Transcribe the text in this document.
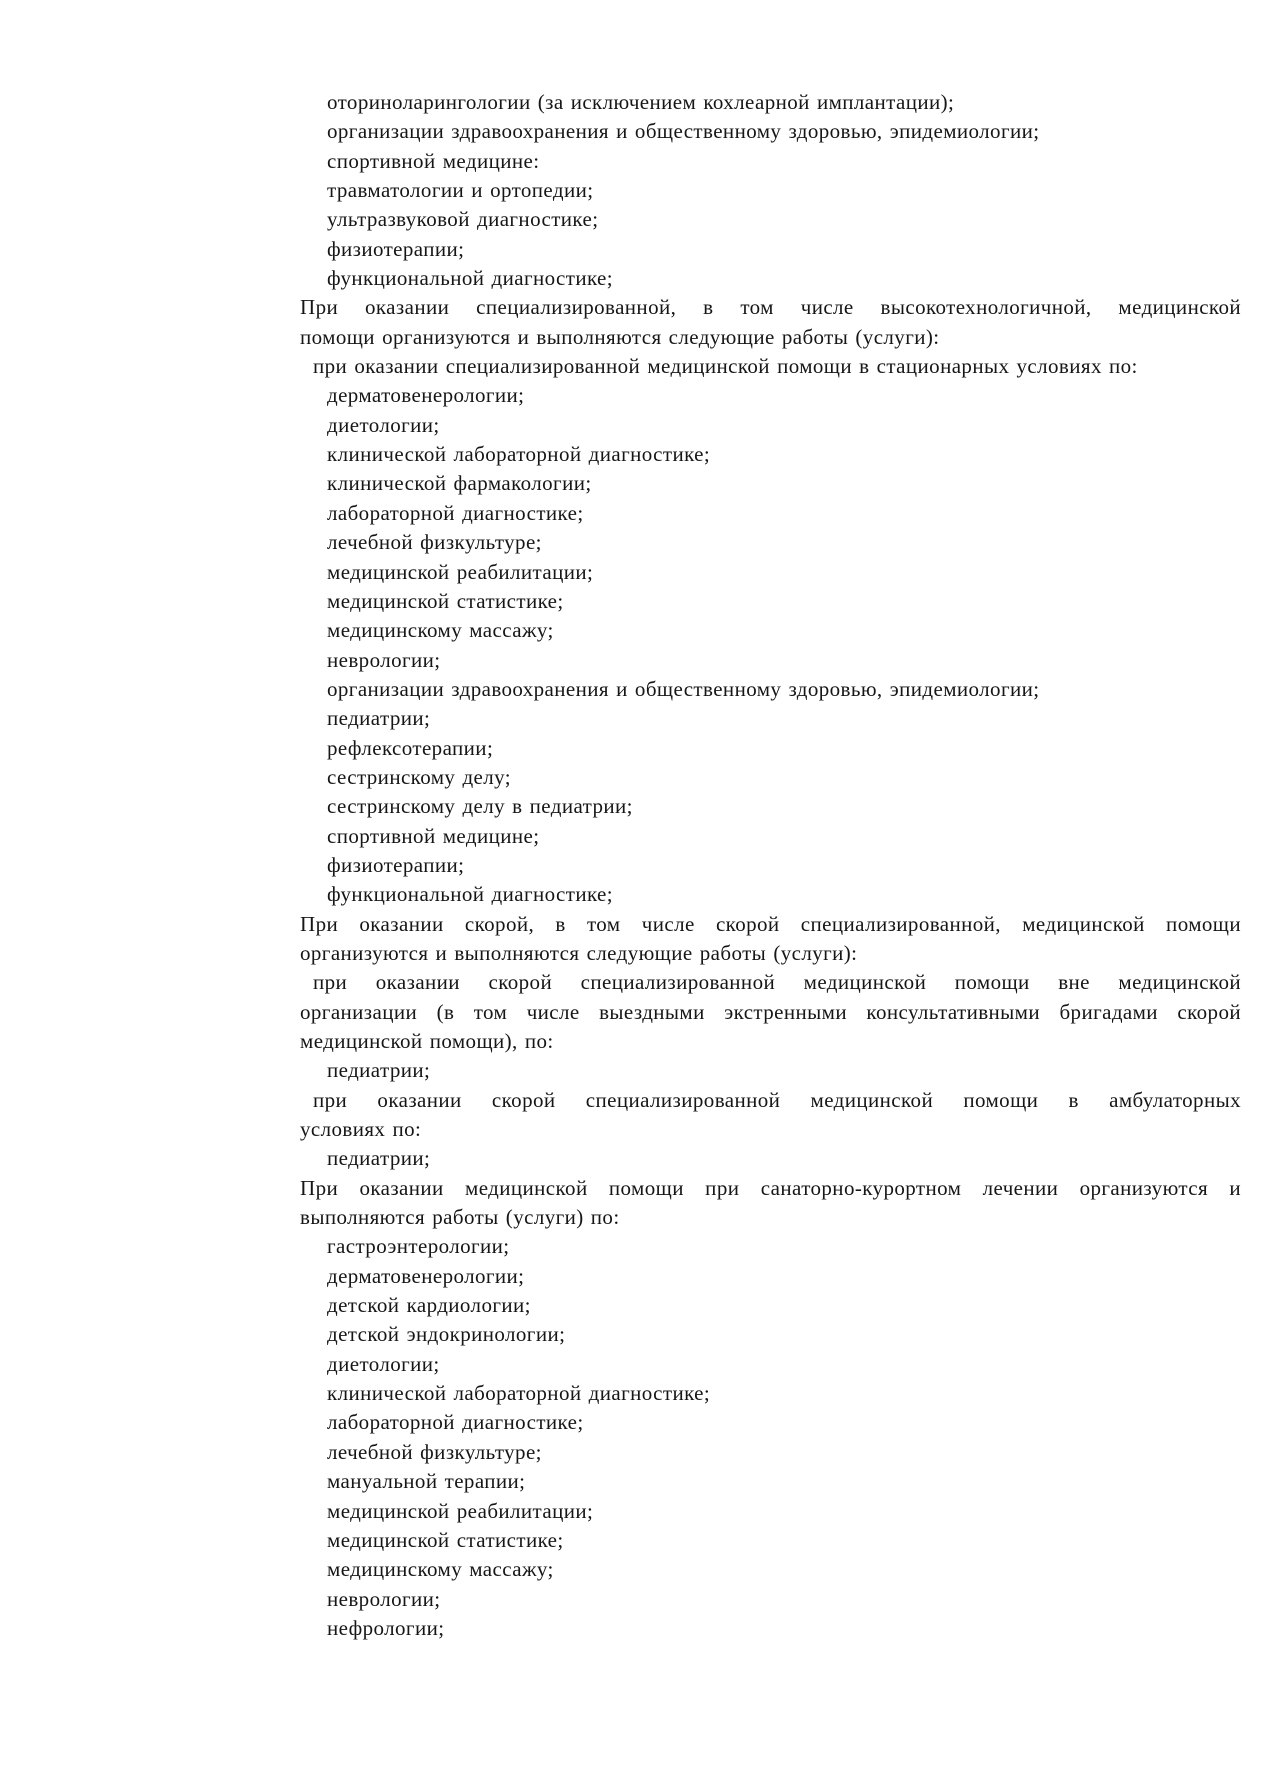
оториноларингологии (за исключением кохлеарной имплантации);
организации здравоохранения и общественному здоровью, эпидемиологии;
спортивной медицине:
травматологии и ортопедии;
ультразвуковой диагностике;
физиотерапии;
функциональной диагностике;
При оказании специализированной, в том числе высокотехнологичной, медицинской
помощи организуются и выполняются следующие работы (услуги):
при оказании специализированной медицинской помощи в стационарных условиях по:
дерматовенерологии;
диетологии;
клинической лабораторной диагностике;
клинической фармакологии;
лабораторной диагностике;
лечебной физкультуре;
медицинской реабилитации;
медицинской статистике;
медицинскому массажу;
неврологии;
организации здравоохранения и общественному здоровью, эпидемиологии;
педиатрии;
рефлексотерапии;
сестринскому делу;
сестринскому делу в педиатрии;
спортивной медицине;
физиотерапии;
функциональной диагностике;
При оказании скорой, в том числе скорой специализированной, медицинской помощи
организуются и выполняются следующие работы (услуги):
при оказании скорой специализированной медицинской помощи вне медицинской
организации (в том числе выездными экстренными консультативными бригадами скорой
медицинской помощи), по:
педиатрии;
при оказании скорой специализированной медицинской помощи в амбулаторных
условиях по:
педиатрии;
При оказании медицинской помощи при санаторно-курортном лечении организуются и
выполняются работы (услуги) по:
гастроэнтерологии;
дерматовенерологии;
детской кардиологии;
детской эндокринологии;
диетологии;
клинической лабораторной диагностике;
лабораторной диагностике;
лечебной физкультуре;
мануальной терапии;
медицинской реабилитации;
медицинской статистике;
медицинскому массажу;
неврологии;
нефрологии;
